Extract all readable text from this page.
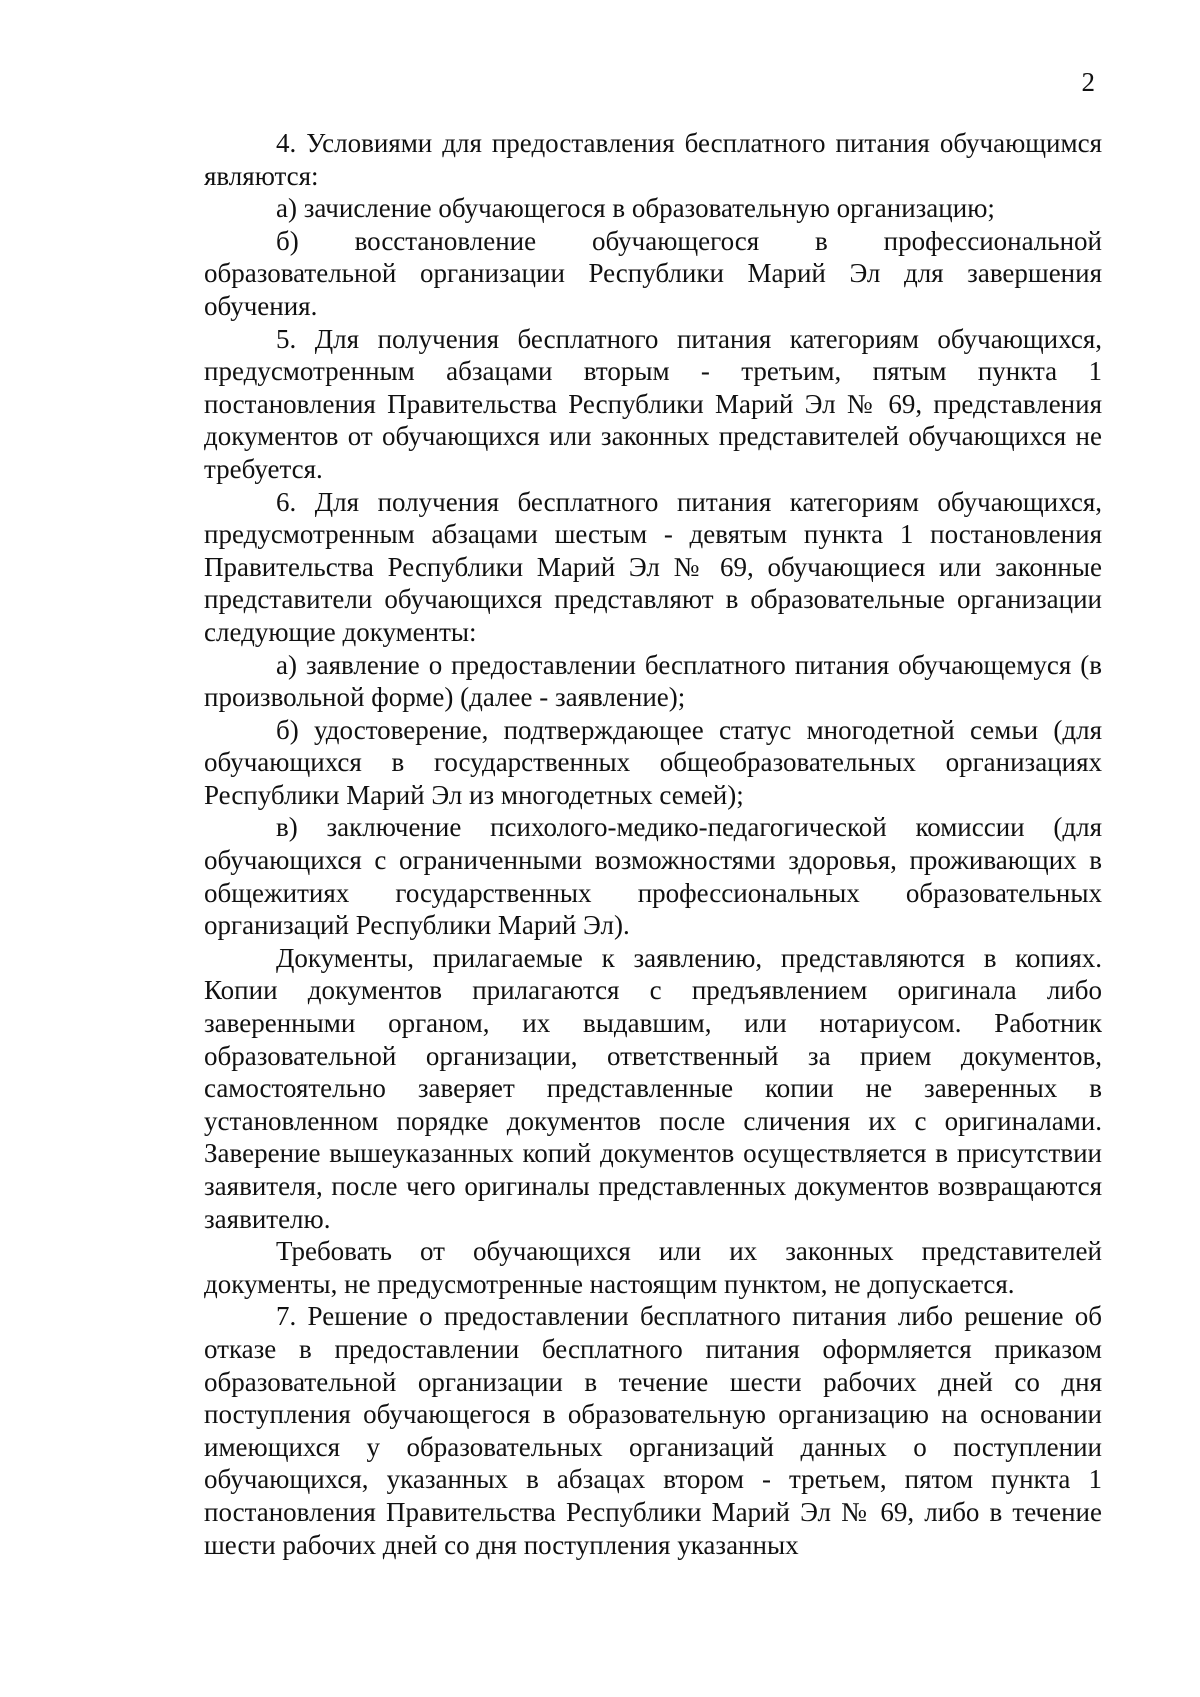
2

4. Условиями для предоставления бесплатного питания обучающимся являются:

а) зачисление обучающегося в образовательную организацию;

б) восстановление обучающегося в профессиональной образовательной организации Республики Марий Эл для завершения обучения.

5. Для получения бесплатного питания категориям обучающихся, предусмотренным абзацами вторым - третьим, пятым пункта 1 постановления Правительства Республики Марий Эл № 69, представления документов от обучающихся или законных представителей обучающихся не требуется.

6. Для получения бесплатного питания категориям обучающихся, предусмотренным абзацами шестым - девятым пункта 1 постановления Правительства Республики Марий Эл № 69, обучающиеся или законные представители обучающихся представляют в образовательные организации следующие документы:

а) заявление о предоставлении бесплатного питания обучающемуся (в произвольной форме) (далее - заявление);

б) удостоверение, подтверждающее статус многодетной семьи (для обучающихся в государственных общеобразовательных организациях Республики Марий Эл из многодетных семей);

в) заключение психолого-медико-педагогической комиссии (для обучающихся с ограниченными возможностями здоровья, проживающих в общежитиях государственных профессиональных образовательных организаций Республики Марий Эл).

Документы, прилагаемые к заявлению, представляются в копиях. Копии документов прилагаются с предъявлением оригинала либо заверенными органом, их выдавшим, или нотариусом. Работник образовательной организации, ответственный за прием документов, самостоятельно заверяет представленные копии не заверенных в установленном порядке документов после сличения их с оригиналами. Заверение вышеуказанных копий документов осуществляется в присутствии заявителя, после чего оригиналы представленных документов возвращаются заявителю.

Требовать от обучающихся или их законных представителей документы, не предусмотренные настоящим пунктом, не допускается.

7. Решение о предоставлении бесплатного питания либо решение об отказе в предоставлении бесплатного питания оформляется приказом образовательной организации в течение шести рабочих дней со дня поступления обучающегося в образовательную организацию на основании имеющихся у образовательных организаций данных о поступлении обучающихся, указанных в абзацах втором - третьем, пятом пункта 1 постановления Правительства Республики Марий Эл № 69, либо в течение шести рабочих дней со дня поступления указанных
